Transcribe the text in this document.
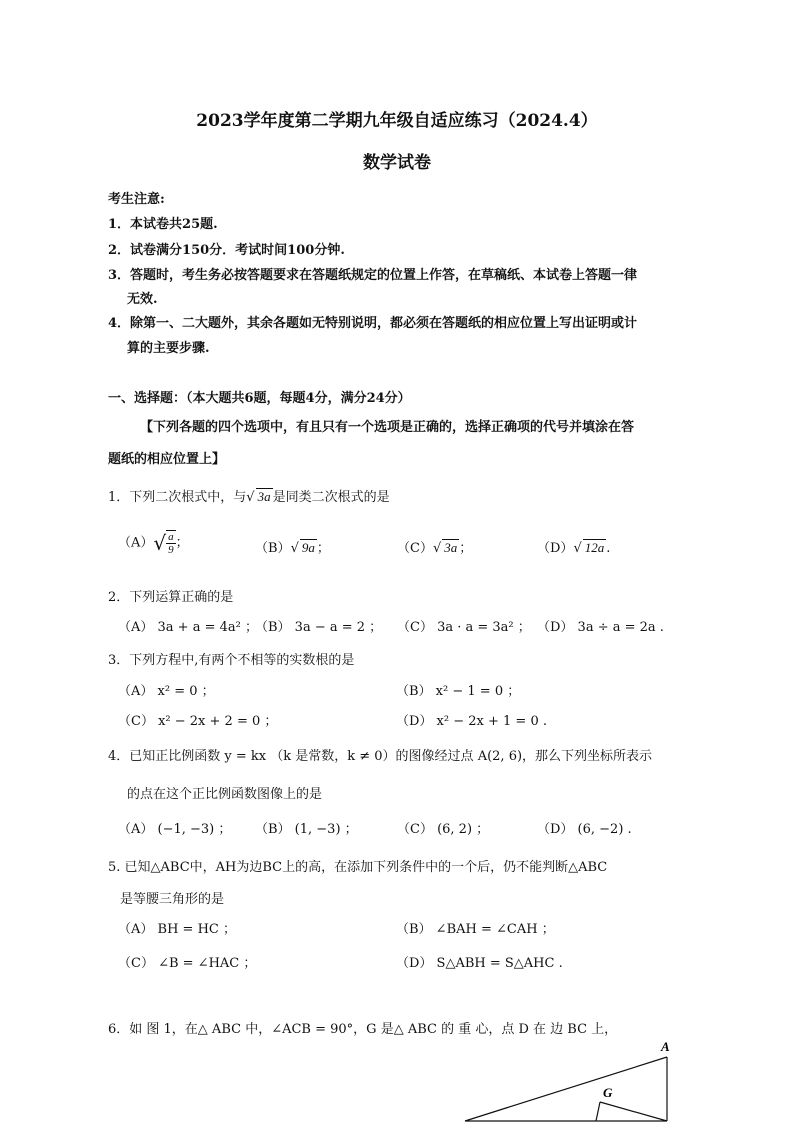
2023学年度第二学期九年级自适应练习（2024.4）
数学试卷
考生注意:
1．本试卷共25题.
2．试卷满分150分．考试时间100分钟.
3．答题时，考生务必按答题要求在答题纸规定的位置上作答，在草稿纸、本试卷上答题一律
无效.
4．除第一、二大题外，其余各题如无特别说明，都必须在答题纸的相应位置上写出证明或计
算的主要步骤.
一、选择题：（本大题共6题，每题4分，满分24分）
【下列各题的四个选项中，有且只有一个选项是正确的，选择正确项的代号并填涂在答
题纸的相应位置上】
1．下列二次根式中，与√ 3a 是同类二次根式的是
$(A)√ \frac{a}{9}$ ；	（B）√ 9a ；	（C）√ 3a ；	（D）√ 12a .
2．下列运算正确的是
（A） 3a + a = 4a² ；
（B） 3a − a = 2 ； （C） 3a · a = 3a² ； （D） 3a ÷ a = 2a .
3．下列方程中,有两个不相等的实数根的是
（A） x² = 0 ；	（B） x² − 1 = 0 ；
（C） x² − 2x + 2 = 0 ；	（D） x² − 2x + 1 = 0 .
4．已知正比例函数 y = kx （k 是常数，k ≠ 0）的图像经过点 A(2, 6)，那么下列坐标所表示
的点在这个正比例函数图像上的是
（A） (−1, −3) ； （B） (1, −3) ；	（C） (6, 2) ；	（D） (6, −2) .
5. 已知△ABC中，AH为边BC上的高，在添加下列条件中的一个后，仍不能判断△ABC
是等腰三角形的是
（A） BH = HC ；	（B） ∠BAH = ∠CAH ；
（C） ∠B = ∠HAC ；	（D） S△ABH = S△AHC .
6．如 图 1，在△ ABC 中，∠ACB = 90°，G 是△ ABC 的 重 心，点 D 在 边 BC 上，
A
G
